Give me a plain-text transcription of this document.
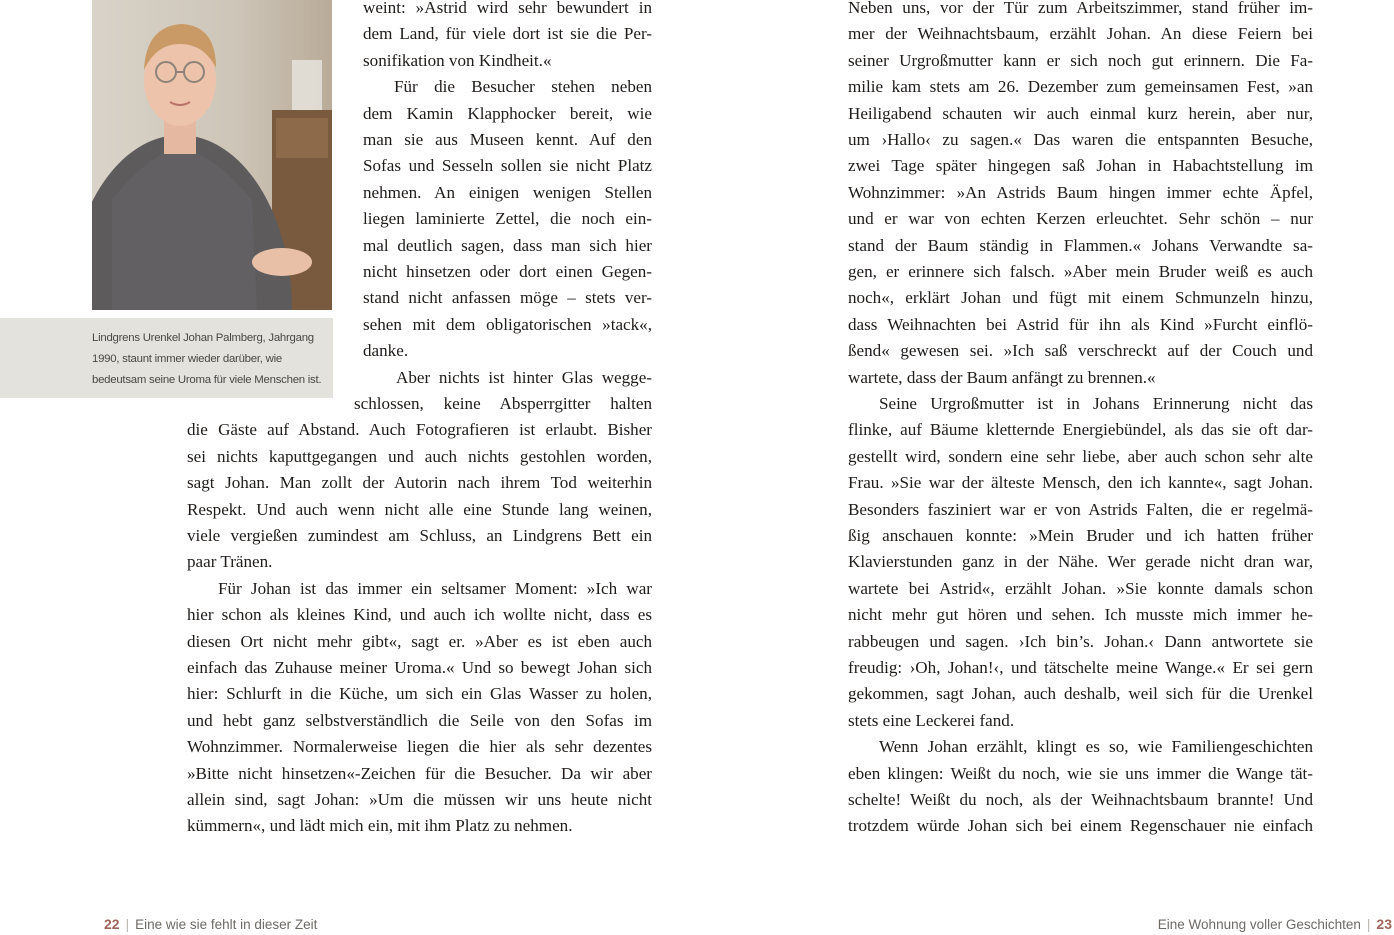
Lindgrens Urenkel Johan Palmberg, Jahrgang 1990, staunt immer wieder darüber, wie bedeutsam seine Uroma für viele Menschen ist.

weint: »Astrid wird sehr bewundert in
dem Land, für viele dort ist sie die Per-
sonifikation von Kindheit.«
Für die Besucher stehen neben
dem Kamin Klapphocker bereit, wie
man sie aus Museen kennt. Auf den
Sofas und Sesseln sollen sie nicht Platz
nehmen. An einigen wenigen Stellen
liegen laminierte Zettel, die noch ein-
mal deutlich sagen, dass man sich hier
nicht hinsetzen oder dort einen Gegen-
stand nicht anfassen möge – stets ver-
sehen mit dem obligatorischen »tack«,
danke.
Aber nichts ist hinter Glas wegge-
schlossen, keine Absperrgitter halten
die Gäste auf Abstand. Auch Fotografieren ist erlaubt. Bisher
sei nichts kaputtgegangen und auch nichts gestohlen worden,
sagt Johan. Man zollt der Autorin nach ihrem Tod weiterhin
Respekt. Und auch wenn nicht alle eine Stunde lang weinen,
viele vergießen zumindest am Schluss, an Lindgrens Bett ein
paar Tränen.
Für Johan ist das immer ein seltsamer Moment: »Ich war
hier schon als kleines Kind, und auch ich wollte nicht, dass es
diesen Ort nicht mehr gibt«, sagt er. »Aber es ist eben auch
einfach das Zuhause meiner Uroma.« Und so bewegt Johan sich
hier: Schlurft in die Küche, um sich ein Glas Wasser zu holen,
und hebt ganz selbstverständlich die Seile von den Sofas im
Wohnzimmer. Normalerweise liegen die hier als sehr dezentes
»Bitte nicht hinsetzen«-Zeichen für die Besucher. Da wir aber
allein sind, sagt Johan: »Um die müssen wir uns heute nicht
kümmern«, und lädt mich ein, mit ihm Platz zu nehmen.
Neben uns, vor der Tür zum Arbeitszimmer, stand früher im-
mer der Weihnachtsbaum, erzählt Johan. An diese Feiern bei
seiner Urgroßmutter kann er sich noch gut erinnern. Die Fa-
milie kam stets am 26. Dezember zum gemeinsamen Fest, »an
Heiligabend schauten wir auch einmal kurz herein, aber nur,
um ›Hallo‹ zu sagen.« Das waren die entspannten Besuche,
zwei Tage später hingegen saß Johan in Habachtstellung im
Wohnzimmer: »An Astrids Baum hingen immer echte Äpfel,
und er war von echten Kerzen erleuchtet. Sehr schön – nur
stand der Baum ständig in Flammen.« Johans Verwandte sa-
gen, er erinnere sich falsch. »Aber mein Bruder weiß es auch
noch«, erklärt Johan und fügt mit einem Schmunzeln hinzu,
dass Weihnachten bei Astrid für ihn als Kind »Furcht einflö-
ßend« gewesen sei. »Ich saß verschreckt auf der Couch und
wartete, dass der Baum anfängt zu brennen.«
Seine Urgroßmutter ist in Johans Erinnerung nicht das
flinke, auf Bäume kletternde Energiebündel, als das sie oft dar-
gestellt wird, sondern eine sehr liebe, aber auch schon sehr alte
Frau. »Sie war der älteste Mensch, den ich kannte«, sagt Johan.
Besonders fasziniert war er von Astrids Falten, die er regelmä-
ßig anschauen konnte: »Mein Bruder und ich hatten früher
Klavierstunden ganz in der Nähe. Wer gerade nicht dran war,
wartete bei Astrid«, erzählt Johan. »Sie konnte damals schon
nicht mehr gut hören und sehen. Ich musste mich immer he-
rabbeugen und sagen. ›Ich bin’s. Johan.‹ Dann antwortete sie
freudig: ›Oh, Johan!‹, und tätschelte meine Wange.« Er sei gern
gekommen, sagt Johan, auch deshalb, weil sich für die Urenkel
stets eine Leckerei fand.
Wenn Johan erzählt, klingt es so, wie Familiengeschichten
eben klingen: Weißt du noch, wie sie uns immer die Wange tät-
schelte! Weißt du noch, als der Weihnachtsbaum brannte! Und
trotzdem würde Johan sich bei einem Regenschauer nie einfach
22 | Eine wie sie fehlt in dieser Zeit	Eine Wohnung voller Geschichten | 23
